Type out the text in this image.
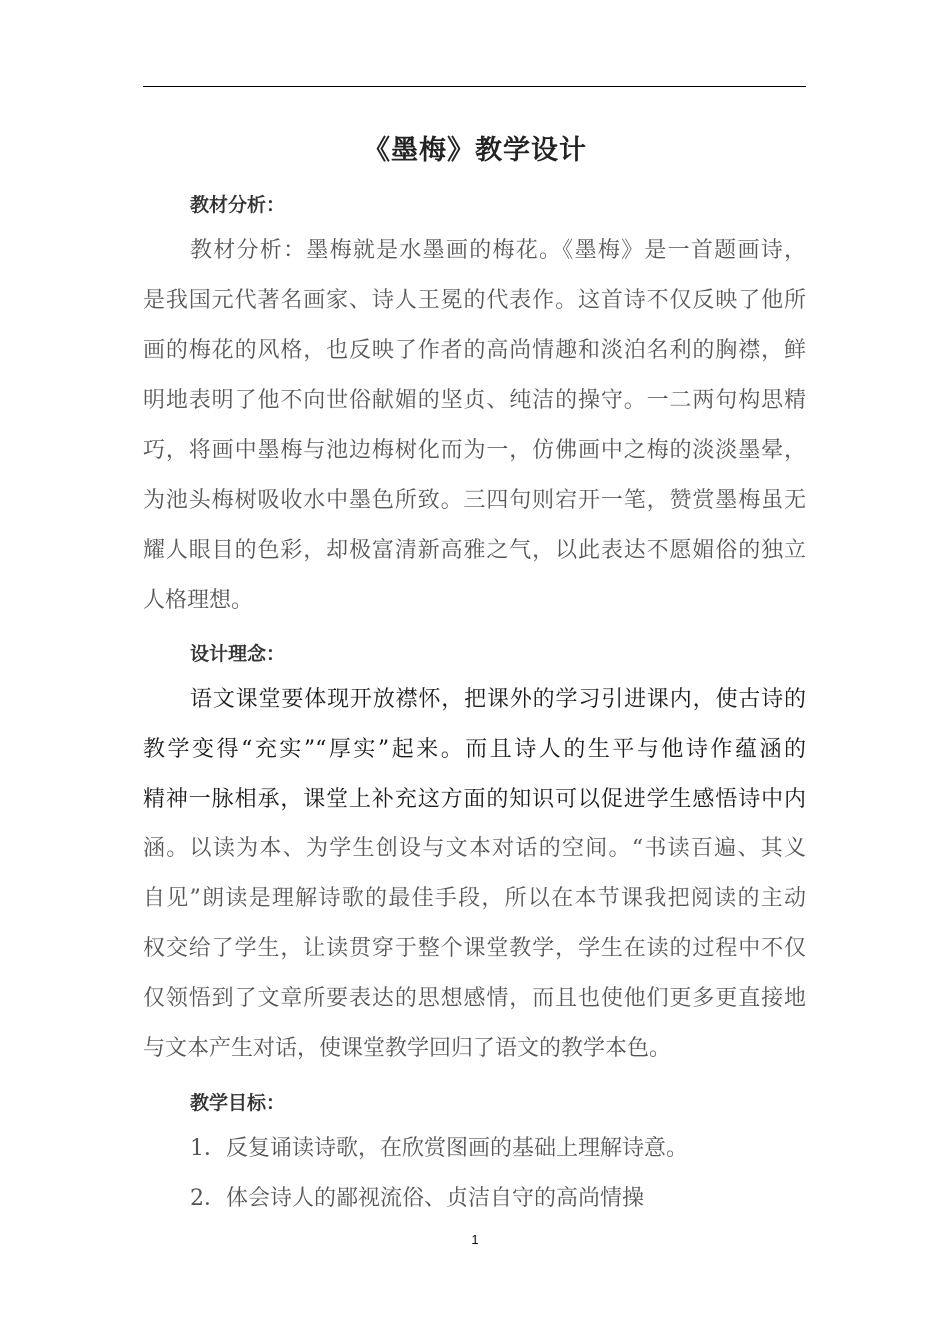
《墨梅》教学设计
教材分析：
教材分析：墨梅就是水墨画的梅花。《墨梅》是一首题画诗，
是我国元代著名画家、诗人王冕的代表作。这首诗不仅反映了他所
画的梅花的风格，也反映了作者的高尚情趣和淡泊名利的胸襟，鲜
明地表明了他不向世俗献媚的坚贞、纯洁的操守。一二两句构思精
巧，将画中墨梅与池边梅树化而为一，仿佛画中之梅的淡淡墨晕，
为池头梅树吸收水中墨色所致。三四句则宕开一笔，赞赏墨梅虽无
耀人眼目的色彩，却极富清新高雅之气，以此表达不愿媚俗的独立
人格理想。
设计理念：
语文课堂要体现开放襟怀，把课外的学习引进课内，使古诗的
教学变得“充实”“厚实”起来。而且诗人的生平与他诗作蕴涵的
精神一脉相承，课堂上补充这方面的知识可以促进学生感悟诗中内
涵。以读为本、为学生创设与文本对话的空间。“书读百遍、其义
自见”朗读是理解诗歌的最佳手段，所以在本节课我把阅读的主动
权交给了学生，让读贯穿于整个课堂教学，学生在读的过程中不仅
仅领悟到了文章所要表达的思想感情，而且也使他们更多更直接地
与文本产生对话，使课堂教学回归了语文的教学本色。
教学目标：
1．反复诵读诗歌，在欣赏图画的基础上理解诗意。
2．体会诗人的鄙视流俗、贞洁自守的高尚情操
1
